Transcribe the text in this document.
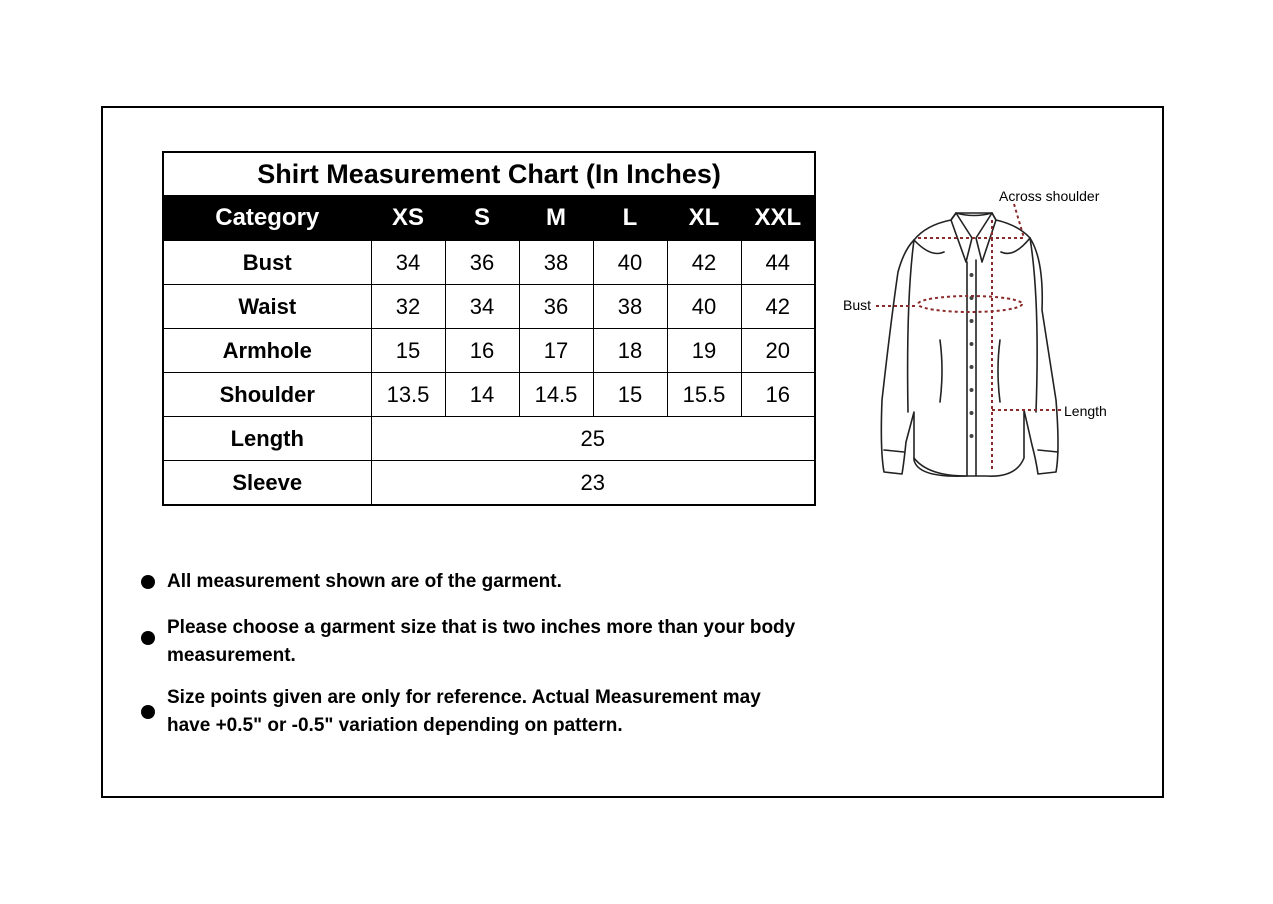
Shirt Measurement Chart (In Inches)						
Category	XS	S	M	L	XL	XXL
Bust	34	36	38	40	42	44
Waist	32	34	36	38	40	42
Armhole	15	16	17	18	19	20
Shoulder	13.5	14	14.5	15	15.5	16
Length	25					
Sleeve	23					
Across shoulder
Bust
Length
All measurement shown are of the garment.
Please choose a garment size that is two inches more than your body measurement.
Size points given are only for reference. Actual Measurement may have +0.5" or -0.5" variation depending on pattern.
